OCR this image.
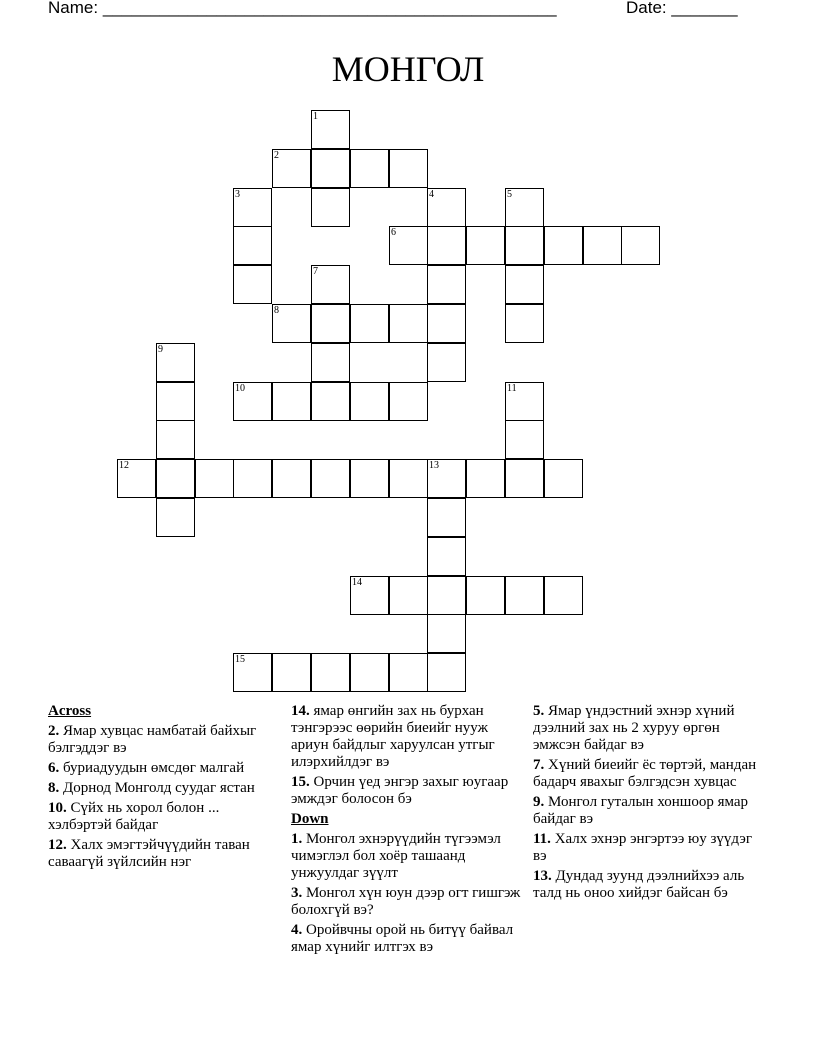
Name: ________________________________________________	Date: _______
МОНГОЛ
1
2
3	4	5
6
7
8
9
10	11
12	13
14
15
Across
2. Ямар хувцас намбатай байхыг бэлгэддэг вэ
6. буриадуудын өмсдөг малгай
8. Дорнод Монголд суудаг ястан
10. Сүйх нь хорол болон ... хэлбэртэй байдаг
12. Халх эмэгтэйчүүдийн таван саваагүй зүйлсийн нэг
14. ямар өнгийн зах нь бурхан тэнгэрээс өөрийн биеийг нууж ариун байдлыг харуулсан утгыг илэрхийлдэг вэ
15. Орчин үед энгэр захыг юугаар эмждэг болосон бэ
Down
1. Монгол эхнэрүүдийн түгээмэл чимэглэл бол хоёр ташаанд унжуулдаг зүүлт
3. Монгол хүн юун дээр огт гишгэж болохгүй вэ?
4. Оройвчны орой нь битүү байвал ямар хүнийг илтгэх вэ
5. Ямар үндэстний эхнэр хүний дээлний зах нь 2 хуруу өргөн эмжсэн байдаг вэ
7. Хүний биеийг ёс төртэй, мандан бадарч явахыг бэлгэдсэн хувцас
9. Монгол гуталын хоншоор ямар байдаг вэ
11. Халх эхнэр энгэртээ юу зүүдэг вэ
13. Дундад зуунд дээлнийхээ аль талд нь оноо хийдэг байсан бэ
